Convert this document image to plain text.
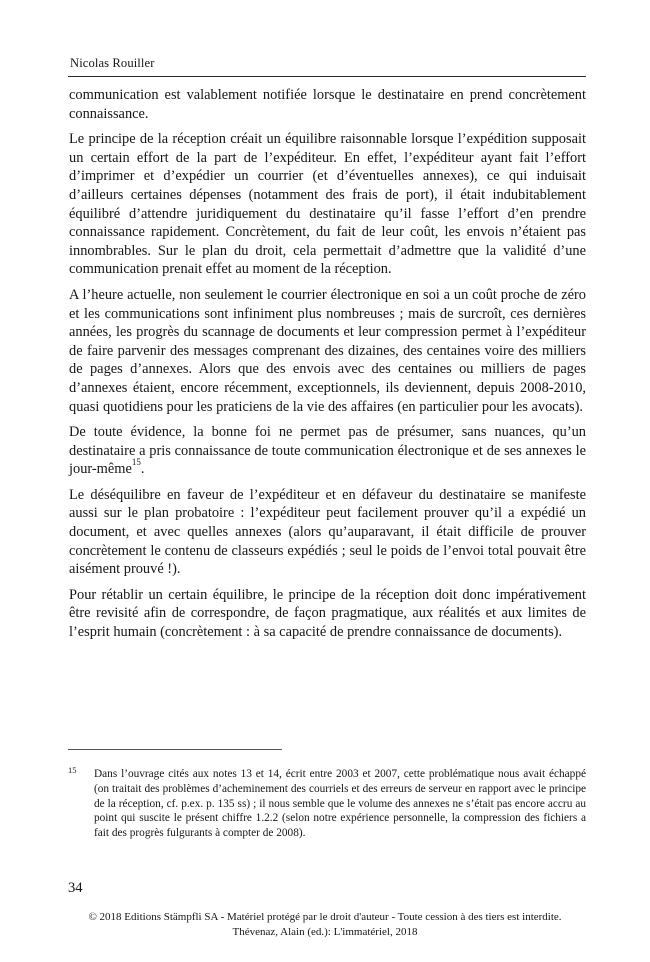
Nicolas Rouiller

communication est valablement notifiée lorsque le destinataire en prend concrètement connaissance.

Le principe de la réception créait un équilibre raisonnable lorsque l’expédition supposait un certain effort de la part de l’expéditeur. En effet, l’expéditeur ayant fait l’effort d’imprimer et d’expédier un courrier (et d’éventuelles annexes), ce qui induisait d’ailleurs certaines dépenses (notamment des frais de port), il était indubitablement équilibré d’attendre juridiquement du destinataire qu’il fasse l’effort d’en prendre connaissance rapidement. Concrètement, du fait de leur coût, les envois n’étaient pas innombrables. Sur le plan du droit, cela permettait d’admettre que la validité d’une communication prenait effet au moment de la réception.

A l’heure actuelle, non seulement le courrier électronique en soi a un coût proche de zéro et les communications sont infiniment plus nombreuses ; mais de surcroît, ces dernières années, les progrès du scannage de documents et leur compression permet à l’expéditeur de faire parvenir des messages comprenant des dizaines, des centaines voire des milliers de pages d’annexes. Alors que des envois avec des centaines ou milliers de pages d’annexes étaient, encore récemment, exceptionnels, ils deviennent, depuis 2008-2010, quasi quotidiens pour les praticiens de la vie des affaires (en particulier pour les avocats).

De toute évidence, la bonne foi ne permet pas de présumer, sans nuances, qu’un destinataire a pris connaissance de toute communication électronique et de ses annexes le jour-même$^{15}$.

Le déséquilibre en faveur de l’expéditeur et en défaveur du destinataire se manifeste aussi sur le plan probatoire : l’expéditeur peut facilement prouver qu’il a expédié un document, et avec quelles annexes (alors qu’auparavant, il était difficile de prouver concrètement le contenu de classeurs expédiés ; seul le poids de l’envoi total pouvait être aisément prouvé !).

Pour rétablir un certain équilibre, le principe de la réception doit donc impérativement être revisité afin de correspondre, de façon pragmatique, aux réalités et aux limites de l’esprit humain (concrètement : à sa capacité de prendre connaissance de documents).

15 Dans l’ouvrage cités aux notes 13 et 14, écrit entre 2003 et 2007, cette problématique nous avait échappé (on traitait des problèmes d’acheminement des courriels et des erreurs de serveur en rapport avec le principe de la réception, cf. p.ex. p. 135 ss) ; il nous semble que le volume des annexes ne s’était pas encore accru au point qui suscite le présent chiffre 1.2.2 (selon notre expérience personnelle, la compression des fichiers a fait des progrès fulgurants à compter de 2008).
34
© 2018 Editions Stämpfli SA - Matériel protégé par le droit d'auteur - Toute cession à des tiers est interdite.
Thévenaz, Alain (ed.): L'immatériel, 2018
